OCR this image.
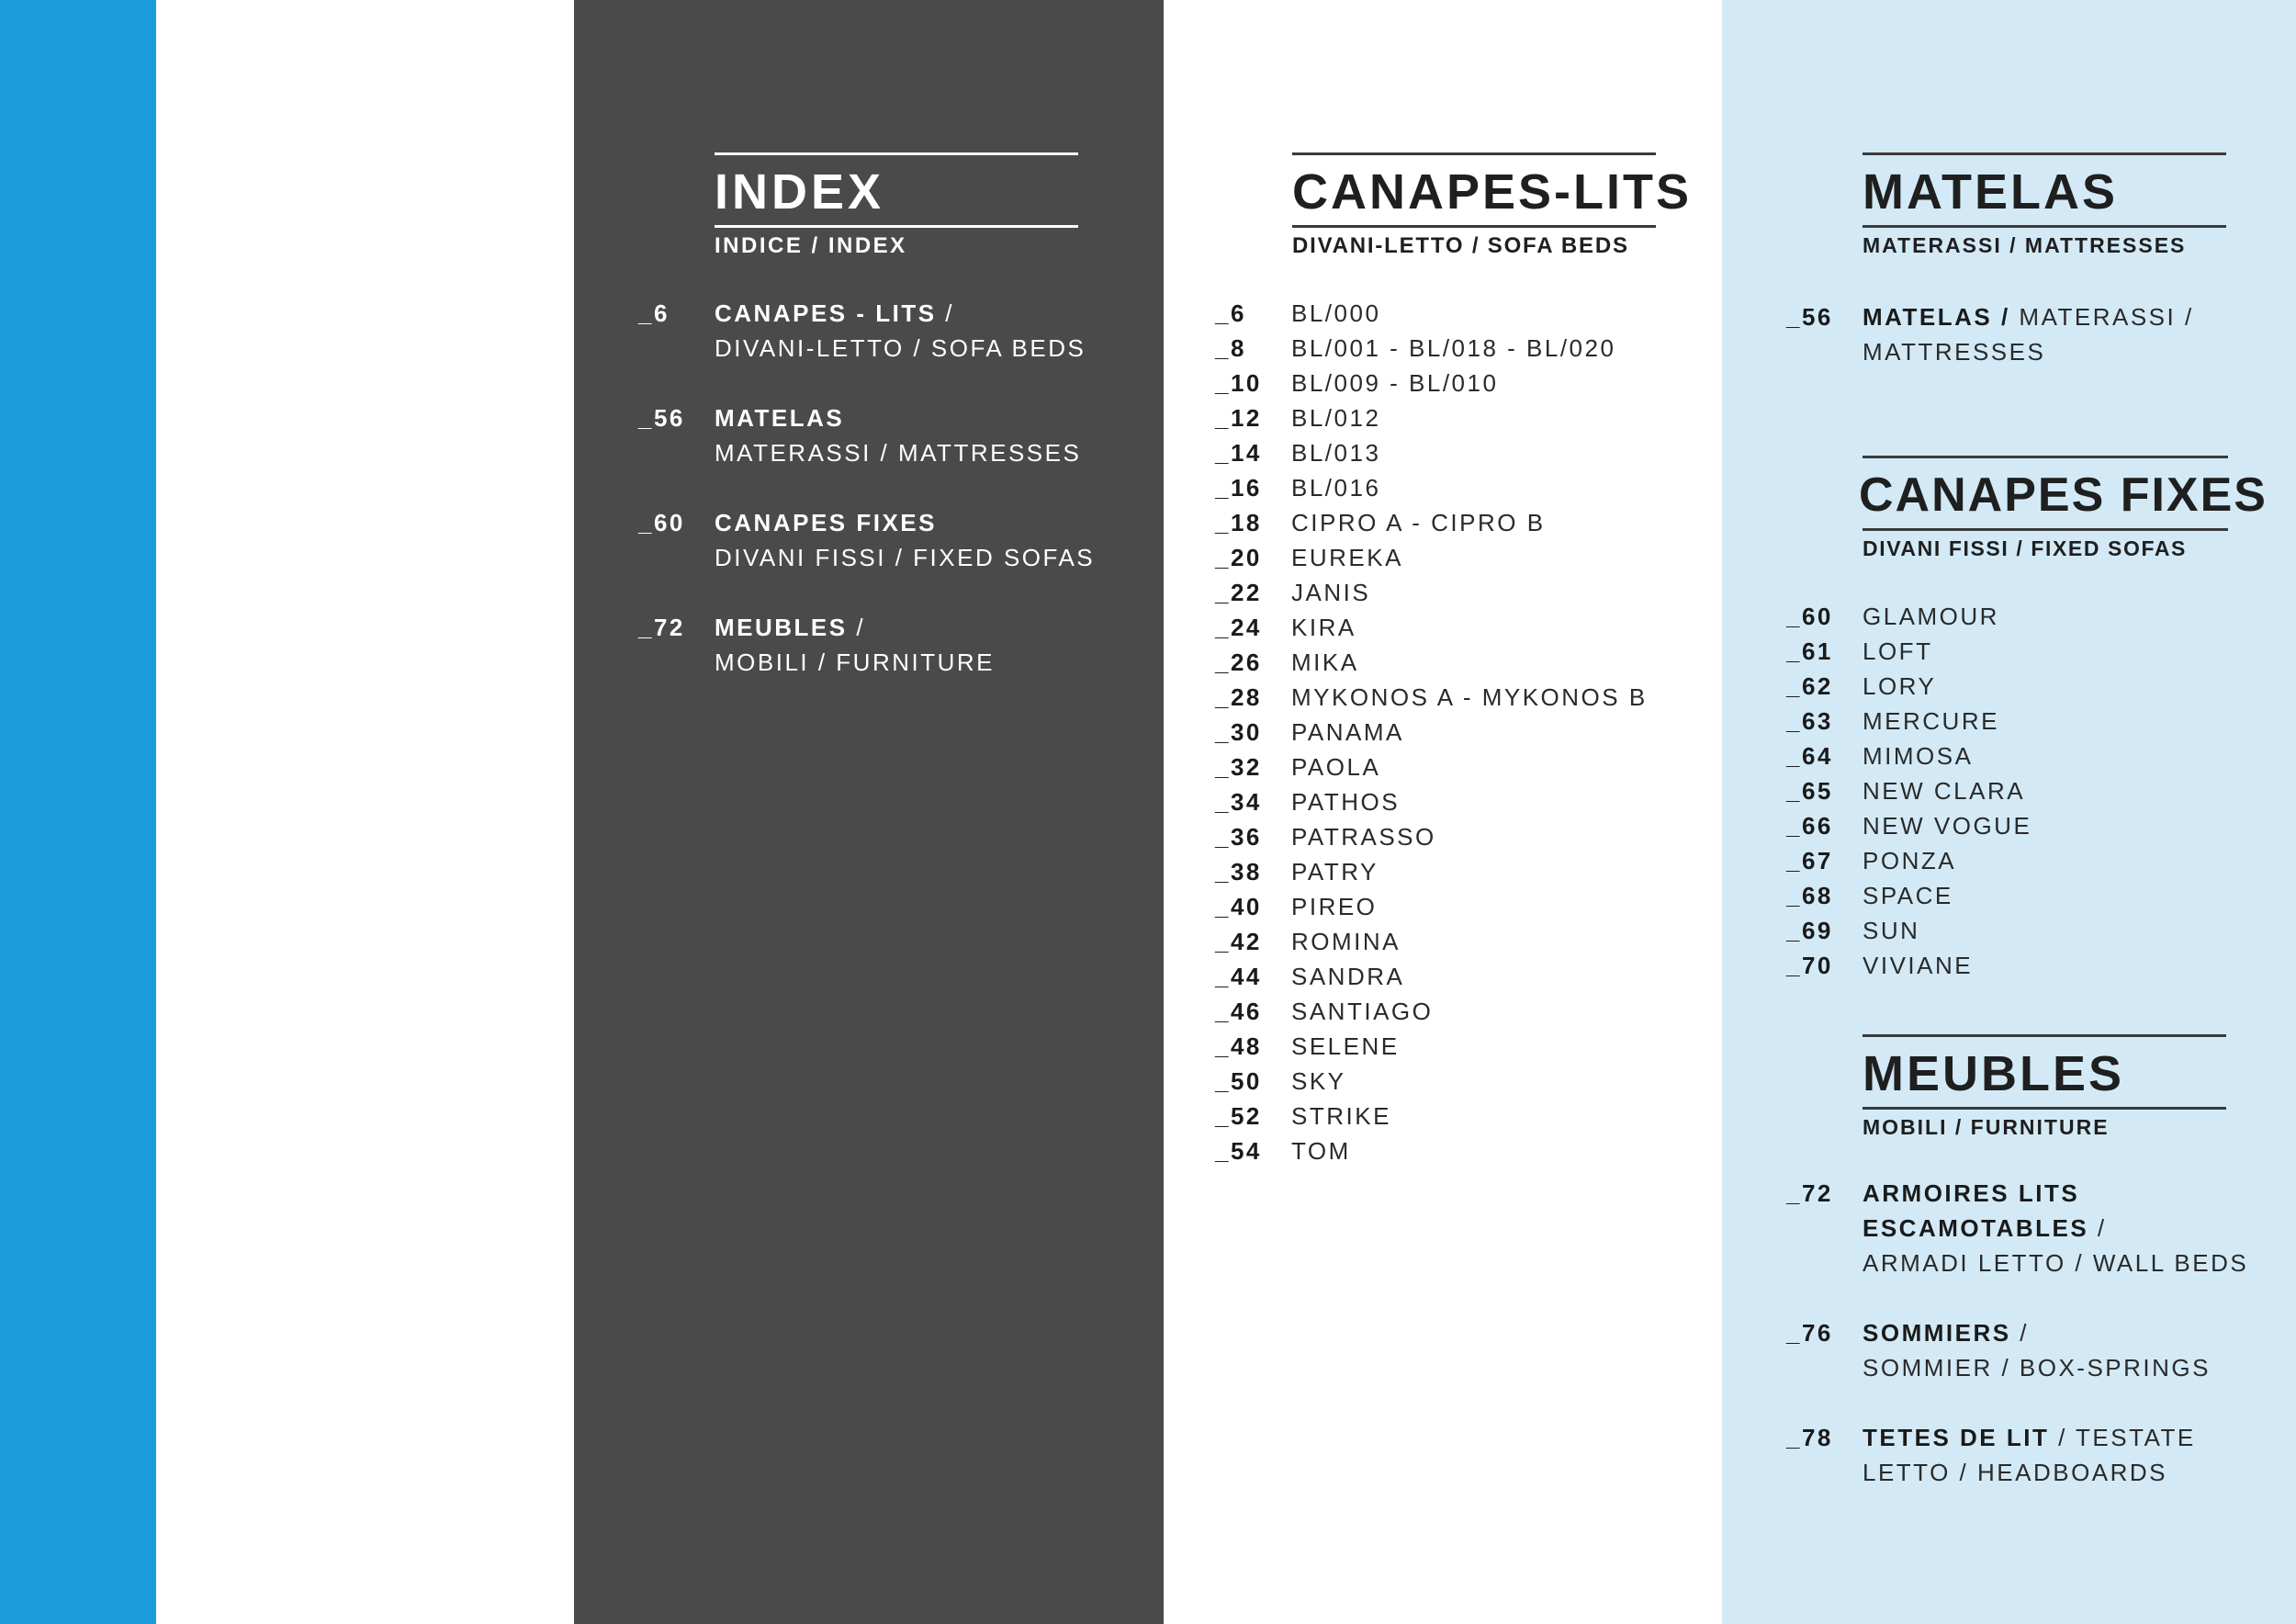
INDEX
INDICE / INDEX
_6 CANAPES - LITS /
DIVANI-LETTO / SOFA BEDS
_56 MATELAS
MATERASSI / MATTRESSES
_60 CANAPES FIXES
DIVANI FISSI / FIXED SOFAS
_72 MEUBLES /
MOBILI / FURNITURE
CANAPES-LITS
DIVANI-LETTO / SOFA BEDS
_6 BL/000
_8 BL/001 - BL/018 - BL/020
_10 BL/009 - BL/010
_12 BL/012
_14 BL/013
_16 BL/016
_18 CIPRO A - CIPRO B
_20 EUREKA
_22 JANIS
_24 KIRA
_26 MIKA
_28 MYKONOS A - MYKONOS B
_30 PANAMA
_32 PAOLA
_34 PATHOS
_36 PATRASSO
_38 PATRY
_40 PIREO
_42 ROMINA
_44 SANDRA
_46 SANTIAGO
_48 SELENE
_50 SKY
_52 STRIKE
_54 TOM
MATELAS
MATERASSI / MATTRESSES
_56 MATELAS / MATERASSI /
MATTRESSES
CANAPES FIXES
DIVANI FISSI / FIXED SOFAS
_60 GLAMOUR
_61 LOFT
_62 LORY
_63 MERCURE
_64 MIMOSA
_65 NEW CLARA
_66 NEW VOGUE
_67 PONZA
_68 SPACE
_69 SUN
_70 VIVIANE
MEUBLES
MOBILI / FURNITURE
_72 ARMOIRES LITS
ESCAMOTABLES /
ARMADI LETTO / WALL BEDS
_76 SOMMIERS /
SOMMIER / BOX-SPRINGS
_78 TETES DE LIT / TESTATE
LETTO / HEADBOARDS
